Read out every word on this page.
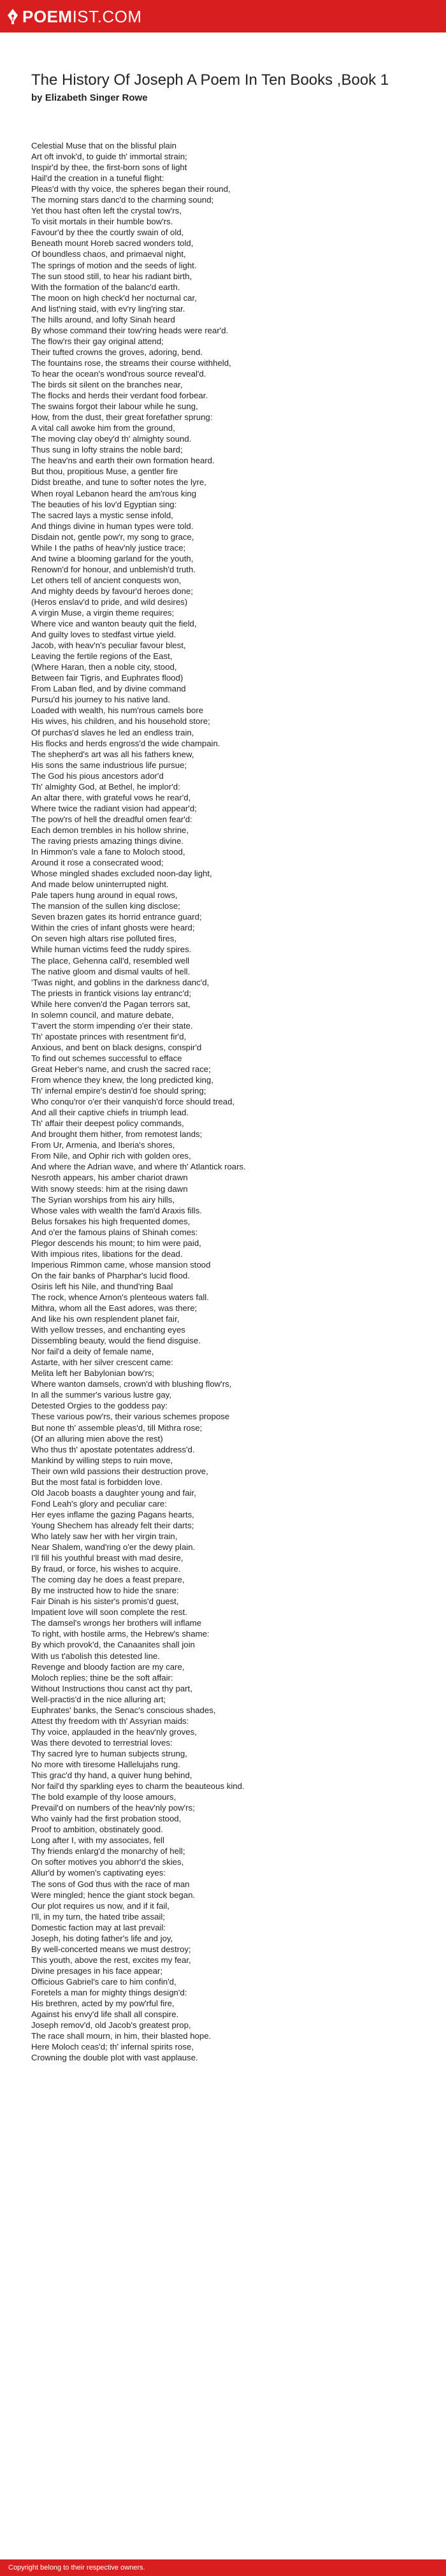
POEMIST.COM
The History Of Joseph A Poem In Ten Books ,Book 1
by Elizabeth Singer Rowe
Celestial Muse that on the blissful plain
Art oft invok'd, to guide th' immortal strain;
Inspir'd by thee, the first-born sons of light
Hail'd the creation in a tuneful flight:
Pleas'd with thy voice, the spheres began their round,
The morning stars danc'd to the charming sound;
Yet thou hast often left the crystal tow'rs,
To visit mortals in their humble bow'rs.
Favour'd by thee the courtly swain of old,
Beneath mount Horeb sacred wonders told,
Of boundless chaos, and primaeval night,
The springs of motion and the seeds of light.
The sun stood still, to hear his radiant birth,
With the formation of the balanc'd earth.
The moon on high check'd her nocturnal car,
And list'ning staid, with ev'ry ling'ring star.
The hills around, and lofty Sinah heard
By whose command their tow'ring heads were rear'd.
The flow'rs their gay original attend;
Their tufted crowns the groves, adoring, bend.
The fountains rose, the streams their course withheld,
To hear the ocean's wond'rous source reveal'd.
The birds sit silent on the branches near,
The flocks and herds their verdant food forbear.
The swains forgot their labour while he sung,
How, from the dust, their great forefather sprung:
A vital call awoke him from the ground,
The moving clay obey'd th' almighty sound.
Thus sung in lofty strains the noble bard;
The heav'ns and earth their own formation heard.
But thou, propitious Muse, a gentler fire
Didst breathe, and tune to softer notes the lyre,
When royal Lebanon heard the am'rous king
The beauties of his lov'd Egyptian sing:
The sacred lays a mystic sense infold,
And things divine in human types were told.
Disdain not, gentle pow'r, my song to grace,
While I the paths of heav'nly justice trace;
And twine a blooming garland for the youth,
Renown'd for honour, and unblemish'd truth.
Let others tell of ancient conquests won,
And mighty deeds by favour'd heroes done;
(Heros enslav'd to pride, and wild desires)
A virgin Muse, a virgin theme requires;
Where vice and wanton beauty quit the field,
And guilty loves to stedfast virtue yield.
Jacob, with heav'n's peculiar favour blest,
Leaving the fertile regions of the East,
(Where Haran, then a noble city, stood,
Between fair Tigris, and Euphrates flood)
From Laban fled, and by divine command
Pursu'd his journey to his native land.
Loaded with wealth, his num'rous camels bore
His wives, his children, and his household store;
Of purchas'd slaves he led an endless train,
His flocks and herds engross'd the wide champain.
The shepherd's art was all his fathers knew,
His sons the same industrious life pursue;
The God his pious ancestors ador'd
Th' almighty God, at Bethel, he implor'd:
An altar there, with grateful vows he rear'd,
Where twice the radiant vision had appear'd;
The pow'rs of hell the dreadful omen fear'd:
Each demon trembles in his hollow shrine,
The raving priests amazing things divine.
In Himmon's vale a fane to Moloch stood,
Around it rose a consecrated wood;
Whose mingled shades excluded noon-day light,
And made below uninterrupted night.
Pale tapers hung around in equal rows,
The mansion of the sullen king disclose;
Seven brazen gates its horrid entrance guard;
Within the cries of infant ghosts were heard;
On seven high altars rise polluted fires,
While human victims feed the ruddy spires.
The place, Gehenna call'd, resembled well
The native gloom and dismal vaults of hell.
'Twas night, and goblins in the darkness danc'd,
The priests in frantick visions lay entranc'd;
While here conven'd the Pagan terrors sat,
In solemn council, and mature debate,
T'avert the storm impending o'er their state.
Th' apostate princes with resentment fir'd,
Anxious, and bent on black designs, conspir'd
To find out schemes successful to efface
Great Heber's name, and crush the sacred race;
From whence they knew, the long predicted king,
Th' infernal empire's destin'd foe should spring;
Who conqu'ror o'er their vanquish'd force should tread,
And all their captive chiefs in triumph lead.
Th' affair their deepest policy commands,
And brought them hither, from remotest lands;
From Ur, Armenia, and Iberia's shores,
From Nile, and Ophir rich with golden ores,
And where the Adrian wave, and where th' Atlantick roars.
Nesroth appears, his amber chariot drawn
With snowy steeds: him at the rising dawn
The Syrian worships from his airy hills,
Whose vales with wealth the fam'd Araxis fills.
Belus forsakes his high frequented domes,
And o'er the famous plains of Shinah comes:
Plegor descends his mount; to him were paid,
With impious rites, libations for the dead.
Imperious Rimmon came, whose mansion stood
On the fair banks of Pharphar's lucid flood.
Osiris left his Nile, and thund'ring Baal
The rock, whence Arnon's plenteous waters fall.
Mithra, whom all the East adores, was there;
And like his own resplendent planet fair,
With yellow tresses, and enchanting eyes
Dissembling beauty, would the fiend disguise.
Nor fail'd a deity of female name,
Astarte, with her silver crescent came:
Melita left her Babylonian bow'rs;
Where wanton damsels, crown'd with blushing flow'rs,
In all the summer's various lustre gay,
Detested Orgies to the goddess pay:
These various pow'rs, their various schemes propose
But none th' assemble pleas'd, till Mithra rose;
(Of an alluring mien above the rest)
Who thus th' apostate potentates address'd.
Mankind by willing steps to ruin move,
Their own wild passions their destruction prove,
But the most fatal is forbidden love.
Old Jacob boasts a daughter young and fair,
Fond Leah's glory and peculiar care:
Her eyes inflame the gazing Pagans hearts,
Young Shechem has already felt their darts;
Who lately saw her with her virgin train,
Near Shalem, wand'ring o'er the dewy plain.
I'll fill his youthful breast with mad desire,
By fraud, or force, his wishes to acquire.
The coming day he does a feast prepare,
By me instructed how to hide the snare:
Fair Dinah is his sister's promis'd guest,
Impatient love will soon complete the rest.
The damsel's wrongs her brothers will inflame
To right, with hostile arms, the Hebrew's shame:
By which provok'd, the Canaanites shall join
With us t'abolish this detested line.
Revenge and bloody faction are my care,
Moloch replies; thine be the soft affair:
Without Instructions thou canst act thy part,
Well-practis'd in the nice alluring art;
Euphrates' banks, the Senac's conscious shades,
Attest thy freedom with th' Assyrian maids:
Thy voice, applauded in the heav'nly groves,
Was there devoted to terrestrial loves:
Thy sacred lyre to human subjects strung,
No more with tiresome Hallelujahs rung.
This grac'd thy hand, a quiver hung behind,
Nor fail'd thy sparkling eyes to charm the beauteous kind.
The bold example of thy loose amours,
Prevail'd on numbers of the heav'nly pow'rs;
Who vainly had the first probation stood,
Proof to ambition, obstinately good.
Long after I, with my associates, fell
Thy friends enlarg'd the monarchy of hell;
On softer motives you abhorr'd the skies,
Allur'd by women's captivating eyes:
The sons of God thus with the race of man
Were mingled; hence the giant stock began.
Our plot requires us now, and if it fail,
I'll, in my turn, the hated tribe assail;
Domestic faction may at last prevail:
Joseph, his doting father's life and joy,
By well-concerted means we must destroy;
This youth, above the rest, excites my fear,
Divine presages in his face appear;
Officious Gabriel's care to him confin'd,
Foretels a man for mighty things design'd:
His brethren, acted by my pow'rful fire,
Against his envy'd life shall all conspire.
Joseph remov'd, old Jacob's greatest prop,
The race shall mourn, in him, their blasted hope.
Here Moloch ceas'd; th' infernal spirits rose,
Crowning the double plot with vast applause.
Copyright belong to their respective owners.
